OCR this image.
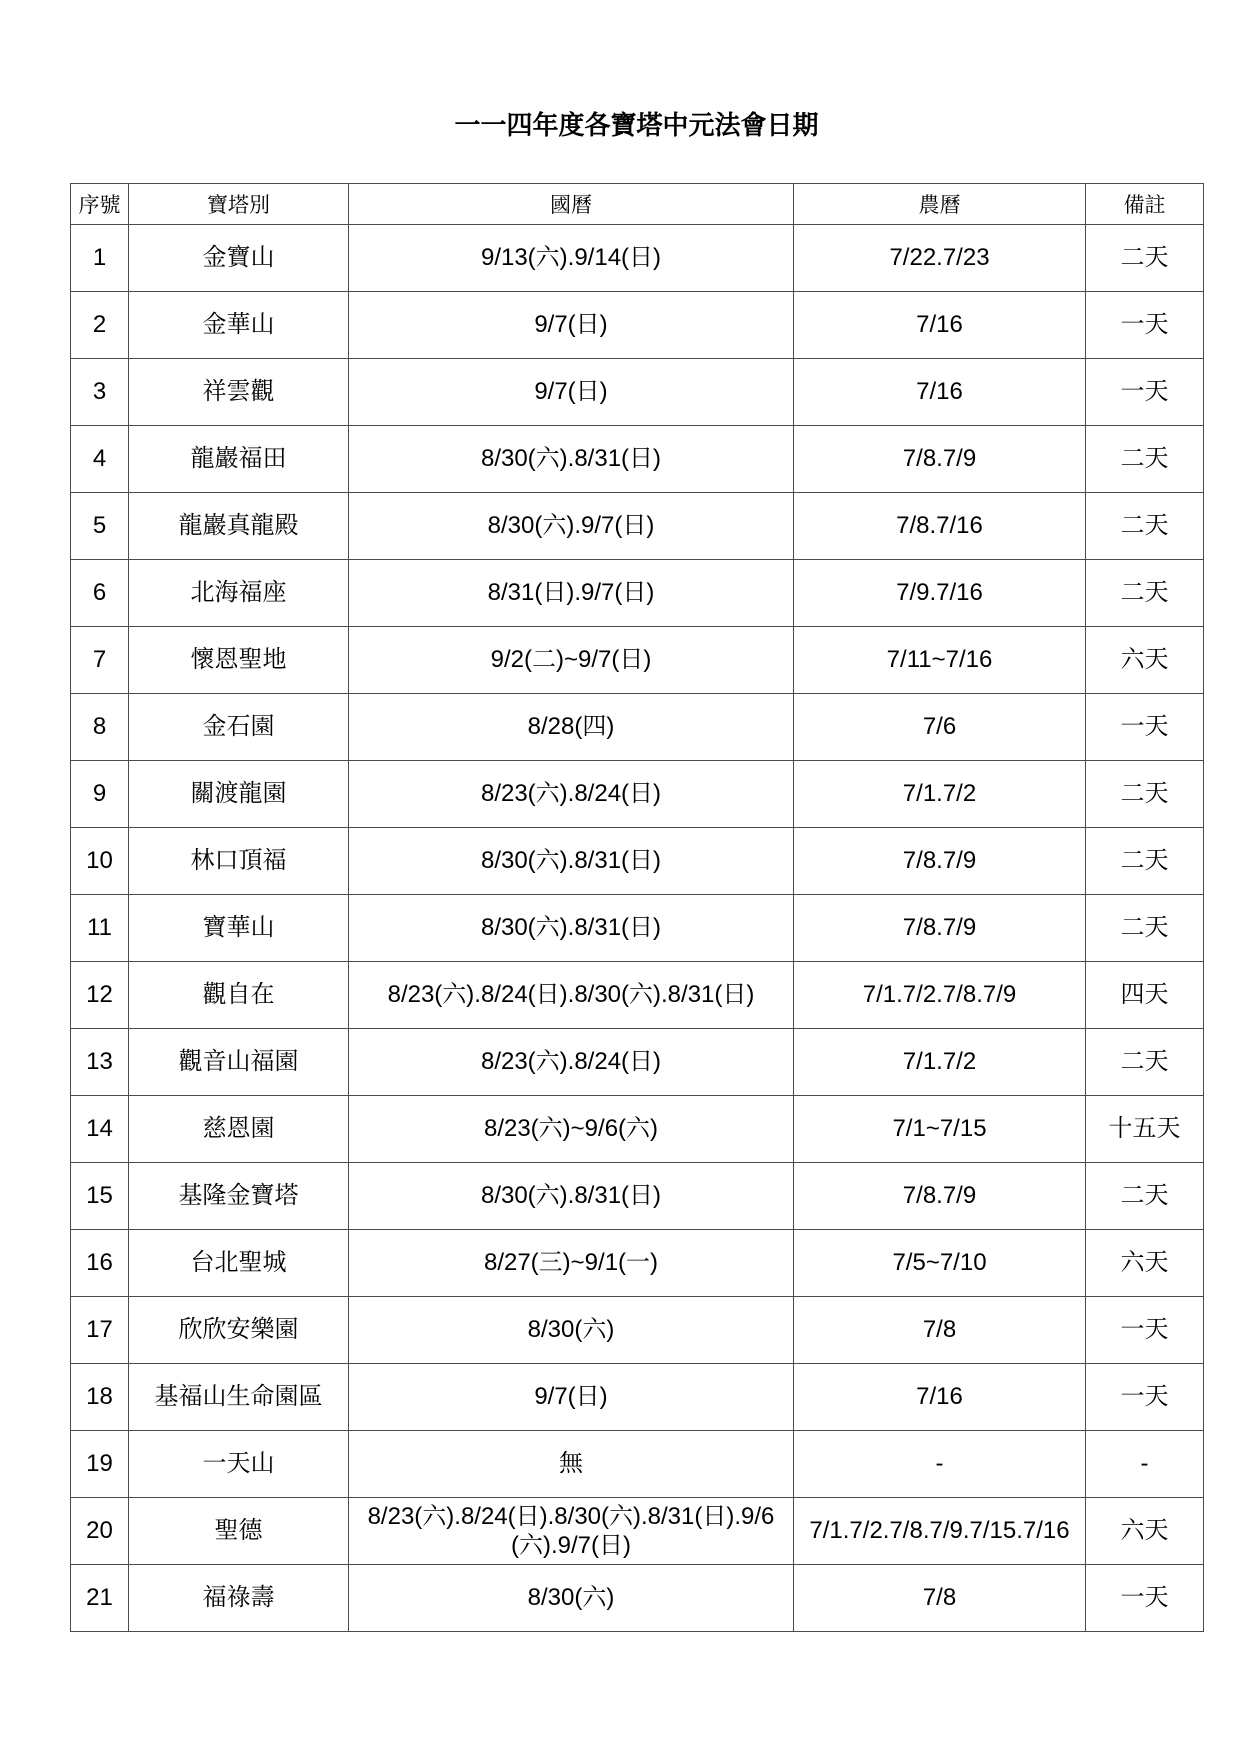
一一四年度各寶塔中元法會日期
序號	寶塔別	國曆	農曆	備註
1	金寶山	9/13(六).9/14(日)	7/22.7/23	二天
2	金華山	9/7(日)	7/16	一天
3	祥雲觀	9/7(日)	7/16	一天
4	龍巖福田	8/30(六).8/31(日)	7/8.7/9	二天
5	龍巖真龍殿	8/30(六).9/7(日)	7/8.7/16	二天
6	北海福座	8/31(日).9/7(日)	7/9.7/16	二天
7	懷恩聖地	9/2(二)~9/7(日)	7/11~7/16	六天
8	金石園	8/28(四)	7/6	一天
9	關渡龍園	8/23(六).8/24(日)	7/1.7/2	二天
10	林口頂福	8/30(六).8/31(日)	7/8.7/9	二天
11	寶華山	8/30(六).8/31(日)	7/8.7/9	二天
12	觀自在	8/23(六).8/24(日).8/30(六).8/31(日)	7/1.7/2.7/8.7/9	四天
13	觀音山福園	8/23(六).8/24(日)	7/1.7/2	二天
14	慈恩園	8/23(六)~9/6(六)	7/1~7/15	十五天
15	基隆金寶塔	8/30(六).8/31(日)	7/8.7/9	二天
16	台北聖城	8/27(三)~9/1(一)	7/5~7/10	六天
17	欣欣安樂園	8/30(六)	7/8	一天
18	基福山生命園區	9/7(日)	7/16	一天
19	一天山	無	-	-
20	聖德	8/23(六).8/24(日).8/30(六).8/31(日).9/6(六).9/7(日)	7/1.7/2.7/8.7/9.7/15.7/16	六天
21	福祿壽	8/30(六)	7/8	一天
